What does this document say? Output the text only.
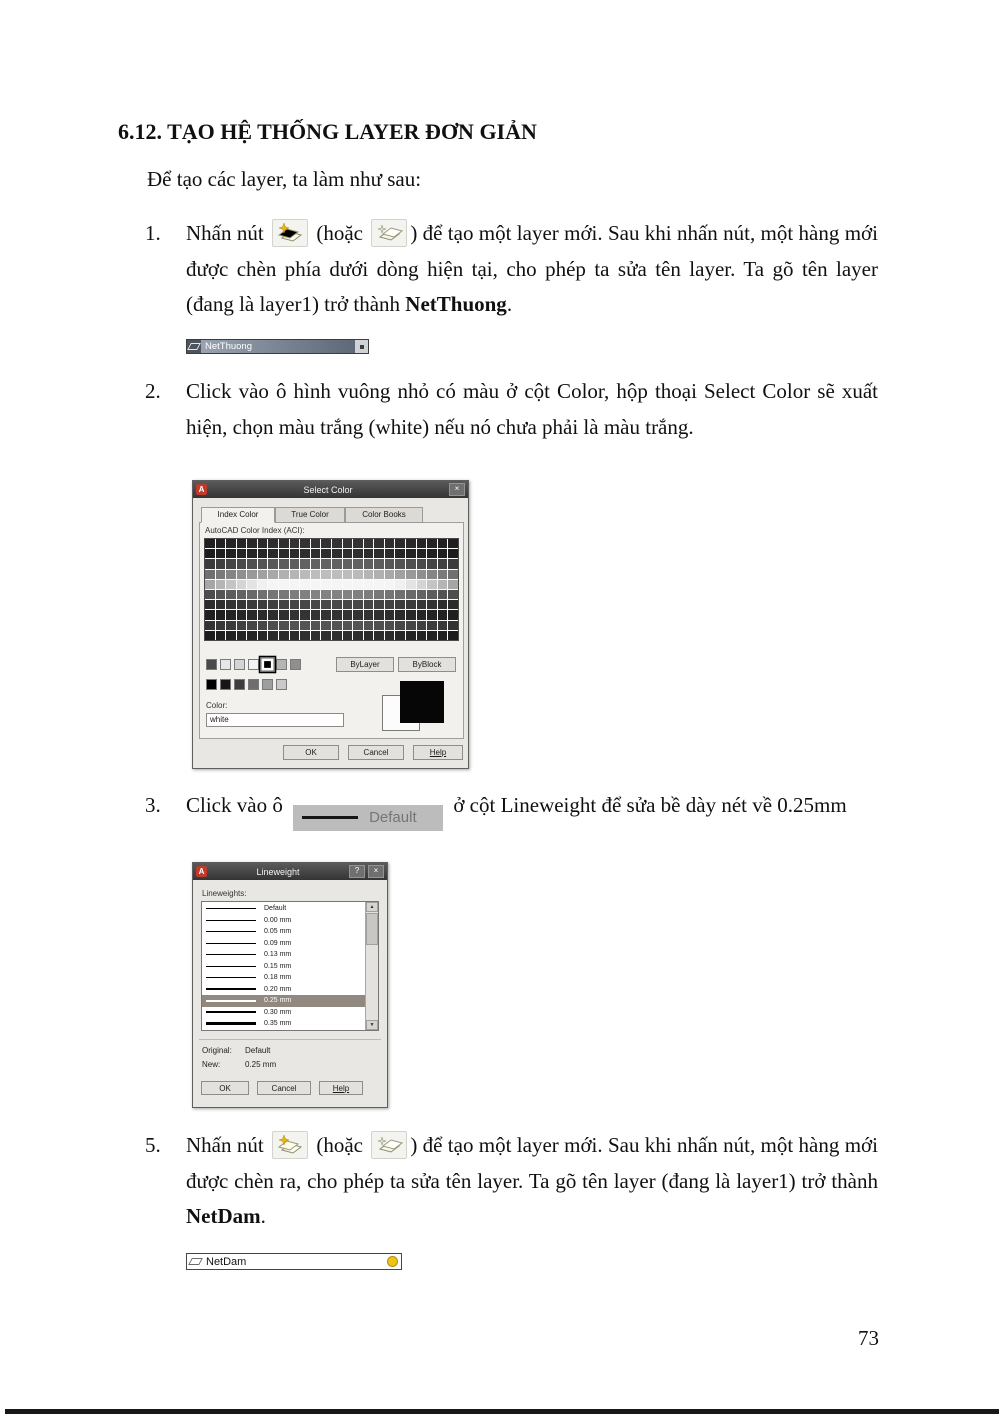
6.12. TẠO HỆ THỐNG LAYER ĐƠN GIẢN

Để tạo các layer, ta làm như sau:

1. Nhấn nút
(hoặc
) để tạo một layer mới. Sau khi nhấn nút, một hàng mới được chèn phía dưới dòng hiện tại, cho phép ta sửa tên layer. Ta gõ tên layer (đang là layer1) trở thành NetThuong.
NetThuong
2. Click vào ô hình vuông nhỏ có màu ở cột Color, hộp thoại Select Color sẽ xuất hiện, chọn màu trắng (white) nếu nó chưa phải là màu trắng.
A	Select Color	×
Index Color	True Color	Color Books
AutoCAD Color Index (ACI):
ByLayer	ByBlock
Color:
white
OK	Cancel	Help
3. Click vào ô
Default
ở cột Lineweight để sửa bề dày nét về 0.25mm
A	Lineweight	?	×
Lineweights:
Default
0.00 mm
0.05 mm
0.09 mm
0.13 mm
0.15 mm
0.18 mm
0.20 mm
0.25 mm
0.30 mm
0.35 mm
▲
▼
Original: Default
New:	0.25 mm
OK	Cancel	Help
5. Nhấn nút
(hoặc
) để tạo một layer mới. Sau khi nhấn nút, một hàng mới được chèn ra, cho phép ta sửa tên layer. Ta gõ tên layer (đang là layer1) trở thành NetDam.
NetDam
73
